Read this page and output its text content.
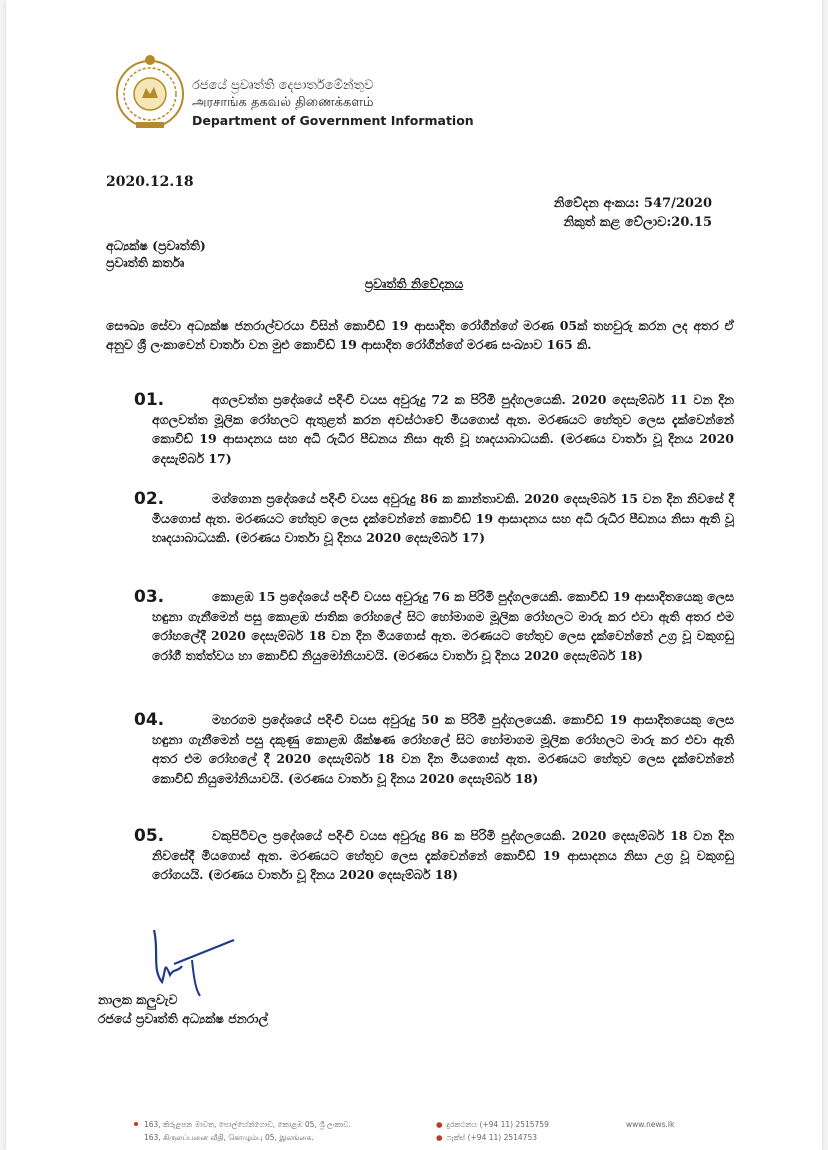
රජයේ ප්‍රවෘත්ති දෙපාර්තමේන්තුව
அரசாங்க தகவல் திணைக்களம்
Department of Government Information
2020.12.18
නිවේදන අංකය: 547/2020
නිකුත් කළ වේලාව:20.15
අධ්‍යක්ෂ (ප්‍රවෘත්ති)
ප්‍රවෘත්ති කර්තෘ
ප්‍රවෘත්ති නිවේදනය
සෞඛ්‍ය සේවා අධ්‍යක්ෂ ජනරාල්වරයා විසින් කොවිඩ් 19 ආසාදිත රෝගීන්ගේ මරණ 05ක් තහවුරු කරන ලද අතර ඒ අනුව ශ්‍රී ලංකාවෙන් වාර්තා වන මුළු කොවිඩ් 19 ආසාදිත රෝගීන්ගේ මරණ සංඛ්‍යාව 165 කි.
01.	අගලවත්ත ප්‍රදේශයේ පදිංචි වයස අවුරුදු 72 ක පිරිමි පුද්ගලයෙකි. 2020 දෙසැම්බර් 11 වන දින අගලවත්ත මූලික රෝහලට ඇතුළත් කරන අවස්ථාවේ මියගොස් ඇත. මරණයට හේතුව ලෙස දැක්වෙන්නේ කොවිඩ් 19 ආසාදනය සහ අධි රුධිර පීඩනය නිසා ඇති වූ හෘදයාබාධයකි. (මරණය වාර්තා වූ දිනය 2020 දෙසැම්බර් 17)
02.	මග්ගොන ප්‍රදේශයේ පදිංචි වයස අවුරුදු 86 ක කාන්තාවකි. 2020 දෙසැම්බර් 15 වන දින නිවසේ දී මියගොස් ඇත. මරණයට හේතුව ලෙස දැක්වෙන්නේ කොවිඩ් 19 ආසාදනය සහ අධි රුධිර පීඩනය නිසා ඇති වූ හෘදයාබාධයකි. (මරණය වාර්තා වූ දිනය 2020 දෙසැම්බර් 17)
03.	කොළඹ 15 ප්‍රදේශයේ පදිංචි වයස අවුරුදු 76 ක පිරිමි පුද්ගලයෙකි. කොවිඩ් 19 ආසාදිතයෙකු ලෙස හඳුනා ගැනීමෙන් පසු කොළඹ ජාතික රෝහලේ සිට හෝමාගම මූලික රෝහලට මාරු කර එවා ඇති අතර එම රෝහලේදී 2020 දෙසැම්බර් 18 වන දින මියගොස් ඇත. මරණයට හේතුව ලෙස දැක්වෙන්නේ උග්‍ර වූ වකුගඩු රෝගී තත්ත්වය හා කොවිඩ් නියුමෝනියාවයි. (මරණය වාර්තා වූ දිනය 2020 දෙසැම්බර් 18)
04.	මහරගම ප්‍රදේශයේ පදිංචි වයස අවුරුදු 50 ක පිරිමි පුද්ගලයෙකි. කොවිඩ් 19 ආසාදිතයෙකු ලෙස හඳුනා ගැනීමෙන් පසු දකුණු කොළඹ ශික්ෂණ රෝහලේ සිට හෝමාගම මූලික රෝහලට මාරු කර එවා ඇති අතර එම රෝහලේ දී 2020 දෙසැම්බර් 18 වන දින මියගොස් ඇත. මරණයට හේතුව ලෙස දැක්වෙන්නේ කොවිඩ් නියුමෝනියාවයි. (මරණය වාර්තා වූ දිනය 2020 දෙසැම්බර් 18)
05.	වකුපිටිවල ප්‍රදේශයේ පදිංචි වයස අවුරුදු 86 ක පිරිමි පුද්ගලයෙකි. 2020 දෙසැම්බර් 18 වන දින නිවසේදී මියගොස් ඇත. මරණයට හේතුව ලෙස දැක්වෙන්නේ කොවිඩ් 19 ආසාදනය නිසා උග්‍ර වූ වකුගඩු රෝගයයි. (මරණය වාර්තා වූ දිනය 2020 දෙසැම්බර් 18)
නාලක කලුවැව
රජයේ ප්‍රවෘත්ති අධ්‍යක්ෂ ජනරාල්
163, කිරුළපන මාවත, පොල්හේන්ගොඩ, කොළඹ 05, ශ්‍රී ලංකාව.
163, கிருலப்பனை வீதி, கொழும்பு 05, இலங்கை.
● දුරකථනය (+94 11) 2515759
● ෆැක්ස් (+94 11) 2514753
www.news.lk
